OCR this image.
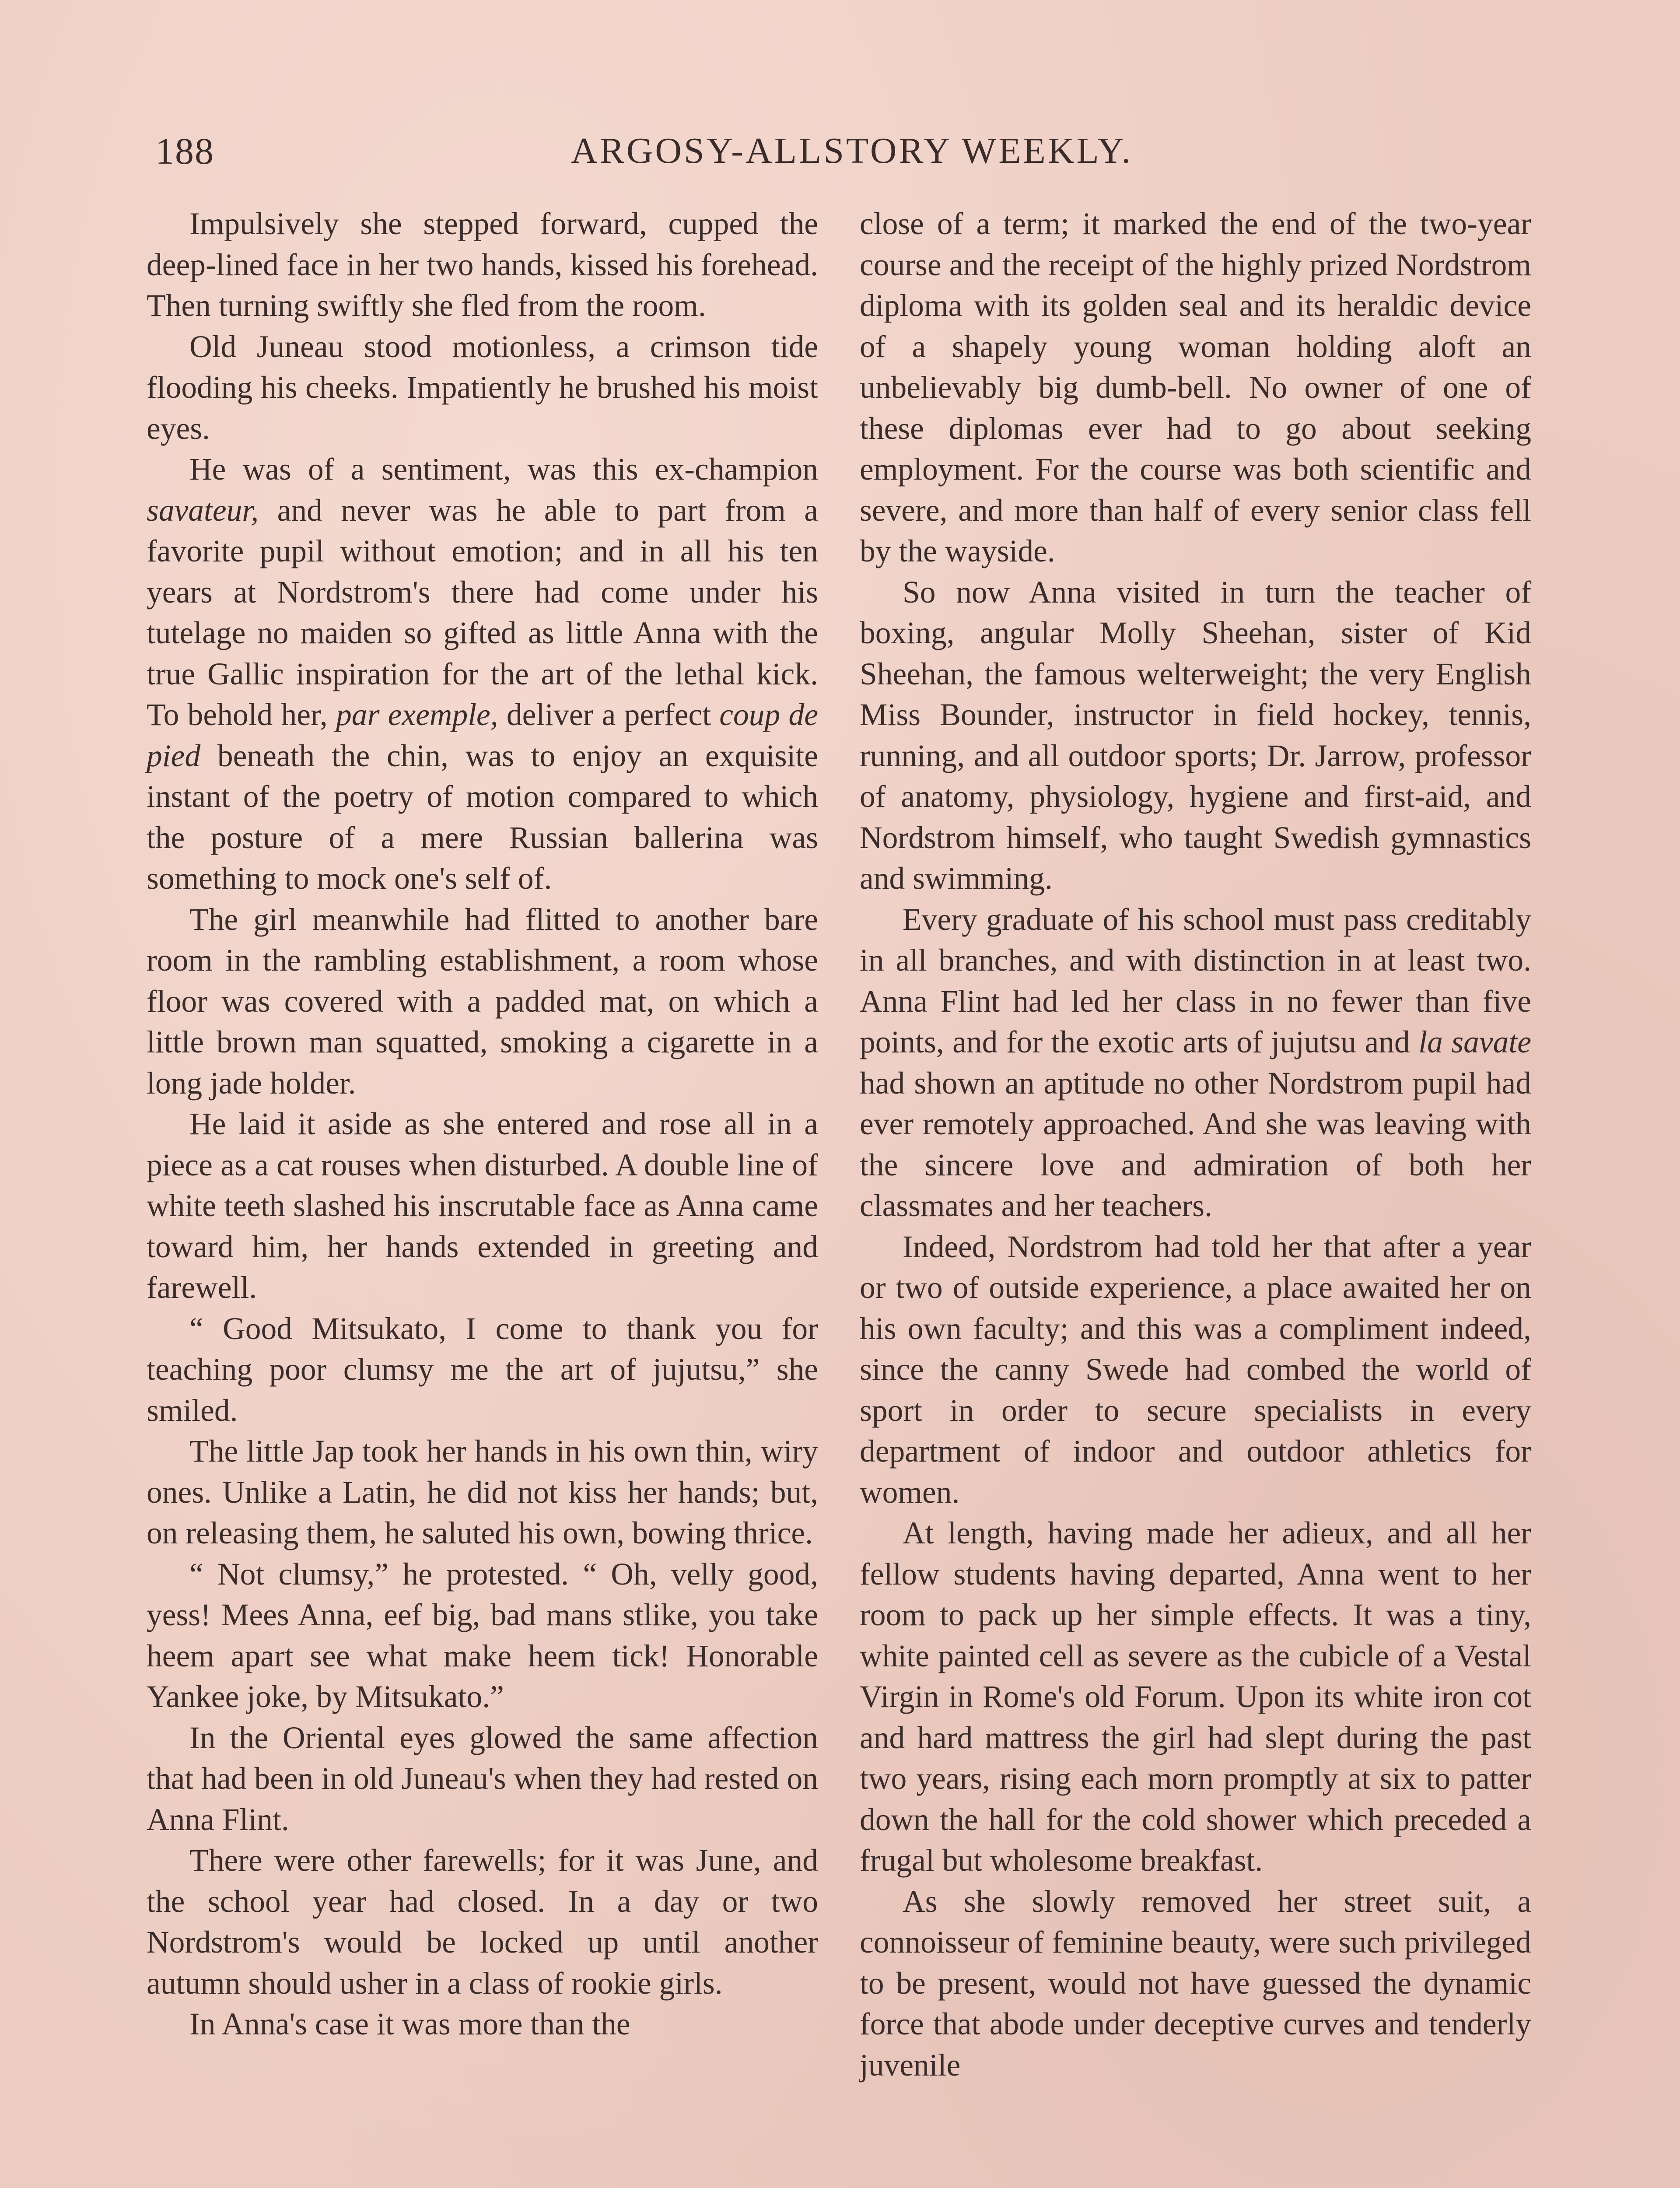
188	ARGOSY-ALLSTORY WEEKLY.

Impulsively she stepped forward, cupped the deep-lined face in her two hands, kissed his forehead. Then turning swiftly she fled from the room.

Old Juneau stood motionless, a crimson tide flooding his cheeks. Impatiently he brushed his moist eyes.

He was of a sentiment, was this ex-champion savateur, and never was he able to part from a favorite pupil without emotion; and in all his ten years at Nordstrom's there had come under his tutelage no maiden so gifted as little Anna with the true Gallic inspiration for the art of the lethal kick. To behold her, par exemple, deliver a perfect coup de pied beneath the chin, was to enjoy an exquisite instant of the poetry of motion compared to which the posture of a mere Russian ballerina was something to mock one's self of.

The girl meanwhile had flitted to another bare room in the rambling establishment, a room whose floor was covered with a padded mat, on which a little brown man squatted, smoking a cigarette in a long jade holder.

He laid it aside as she entered and rose all in a piece as a cat rouses when disturbed. A double line of white teeth slashed his inscrutable face as Anna came toward him, her hands extended in greeting and farewell.

“ Good Mitsukato, I come to thank you for teaching poor clumsy me the art of jujutsu,” she smiled.

The little Jap took her hands in his own thin, wiry ones. Unlike a Latin, he did not kiss her hands; but, on releasing them, he saluted his own, bowing thrice.

“ Not clumsy,” he protested. “ Oh, velly good, yess! Mees Anna, eef big, bad mans stlike, you take heem apart see what make heem tick! Honorable Yankee joke, by Mitsukato.”

In the Oriental eyes glowed the same affection that had been in old Juneau's when they had rested on Anna Flint.

There were other farewells; for it was June, and the school year had closed. In a day or two Nordstrom's would be locked up until another autumn should usher in a class of rookie girls.

In Anna's case it was more than the

close of a term; it marked the end of the two-year course and the receipt of the highly prized Nordstrom diploma with its golden seal and its heraldic device of a shapely young woman holding aloft an unbelievably big dumb-bell. No owner of one of these diplomas ever had to go about seeking employment. For the course was both scientific and severe, and more than half of every senior class fell by the wayside.

So now Anna visited in turn the teacher of boxing, angular Molly Sheehan, sister of Kid Sheehan, the famous welterweight; the very English Miss Bounder, instructor in field hockey, tennis, running, and all outdoor sports; Dr. Jarrow, professor of anatomy, physiology, hygiene and first-aid, and Nordstrom himself, who taught Swedish gymnastics and swimming.

Every graduate of his school must pass creditably in all branches, and with distinction in at least two. Anna Flint had led her class in no fewer than five points, and for the exotic arts of jujutsu and la savate had shown an aptitude no other Nordstrom pupil had ever remotely approached. And she was leaving with the sincere love and admiration of both her classmates and her teachers.

Indeed, Nordstrom had told her that after a year or two of outside experience, a place awaited her on his own faculty; and this was a compliment indeed, since the canny Swede had combed the world of sport in order to secure specialists in every department of indoor and outdoor athletics for women.

At length, having made her adieux, and all her fellow students having departed, Anna went to her room to pack up her simple effects. It was a tiny, white painted cell as severe as the cubicle of a Vestal Virgin in Rome's old Forum. Upon its white iron cot and hard mattress the girl had slept during the past two years, rising each morn promptly at six to patter down the hall for the cold shower which preceded a frugal but wholesome breakfast.

As she slowly removed her street suit, a connoisseur of feminine beauty, were such privileged to be present, would not have guessed the dynamic force that abode under deceptive curves and tenderly juvenile
